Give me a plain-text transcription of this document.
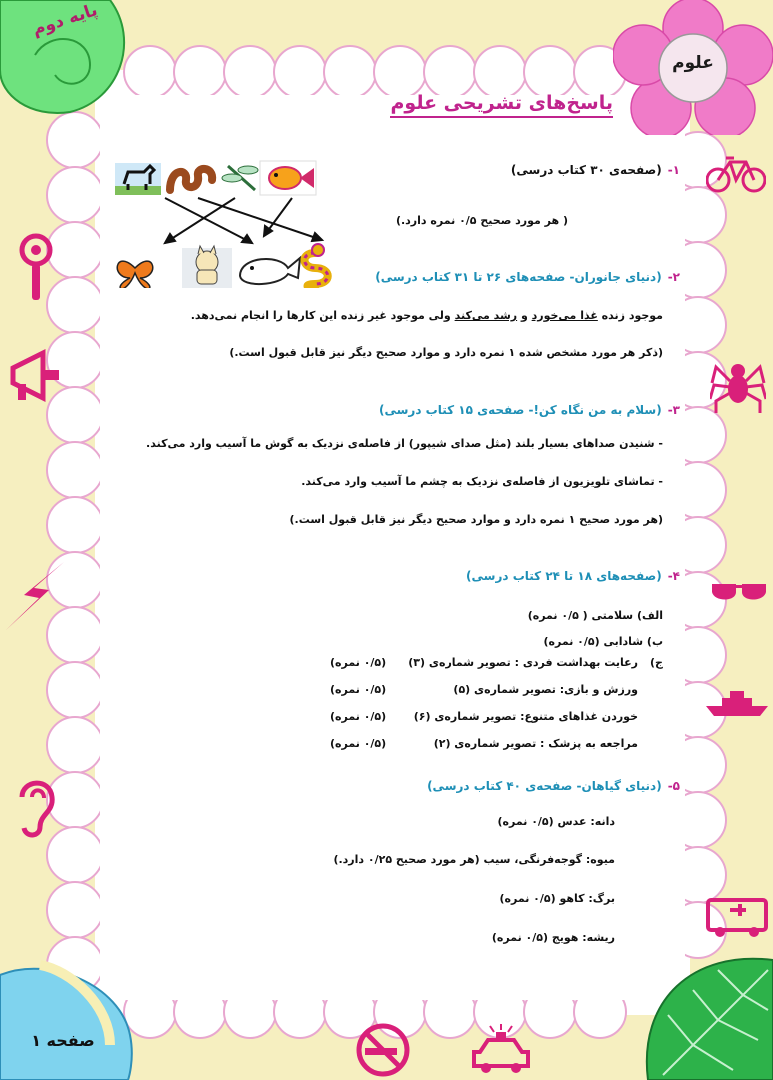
پایه دوم
علوم
صفحه ۱
پاسخ‌های تشریحی علوم
۱-(صفحه‌ی ۳۰ کتاب درسی)
( هر مورد صحیح ۰/۵ نمره دارد.)
۲-(دنیای جانوران- صفحه‌های ۲۶ تا ۳۱ کتاب درسی)
موجود زنده غذا می‌خورد و رشد می‌کند ولی موجود غیر زنده این کارها را انجام نمی‌دهد.
(ذکر هر مورد مشخص شده ۱ نمره دارد و موارد صحیح دیگر نیز قابل قبول است.)
۳-(سلام به من نگاه کن!- صفحه‌ی ۱۵ کتاب درسی)
- شنیدن صداهای بسیار بلند (مثل صدای شیپور) از فاصله‌ی نزدیک به گوش ما آسیب وارد می‌کند.
- تماشای تلویزیون از فاصله‌ی نزدیک به چشم ما آسیب وارد می‌کند.
(هر مورد صحیح ۱ نمره دارد و موارد صحیح دیگر نیز قابل قبول است.)
۴-(صفحه‌های ۱۸ تا ۲۴ کتاب درسی)
الف) سلامتی ( ۰/۵ نمره)
ب) شادابی (۰/۵ نمره)
ج)
رعایت بهداشت فردی : تصویر شماره‌ی (۳)
(۰/۵ نمره)
ورزش و بازی: تصویر شماره‌ی (۵)
(۰/۵ نمره)
خوردن غذاهای متنوع: تصویر شماره‌ی (۶)
(۰/۵ نمره)
مراجعه به پزشک : تصویر شماره‌ی (۲)
(۰/۵ نمره)
۵-(دنیای گیاهان- صفحه‌ی ۴۰ کتاب درسی)
دانه: عدس (۰/۵ نمره)
میوه: گوجه‌فرنگی، سیب (هر مورد صحیح ۰/۲۵ دارد.)
برگ: کاهو (۰/۵ نمره)
ریشه: هویج (۰/۵ نمره)
